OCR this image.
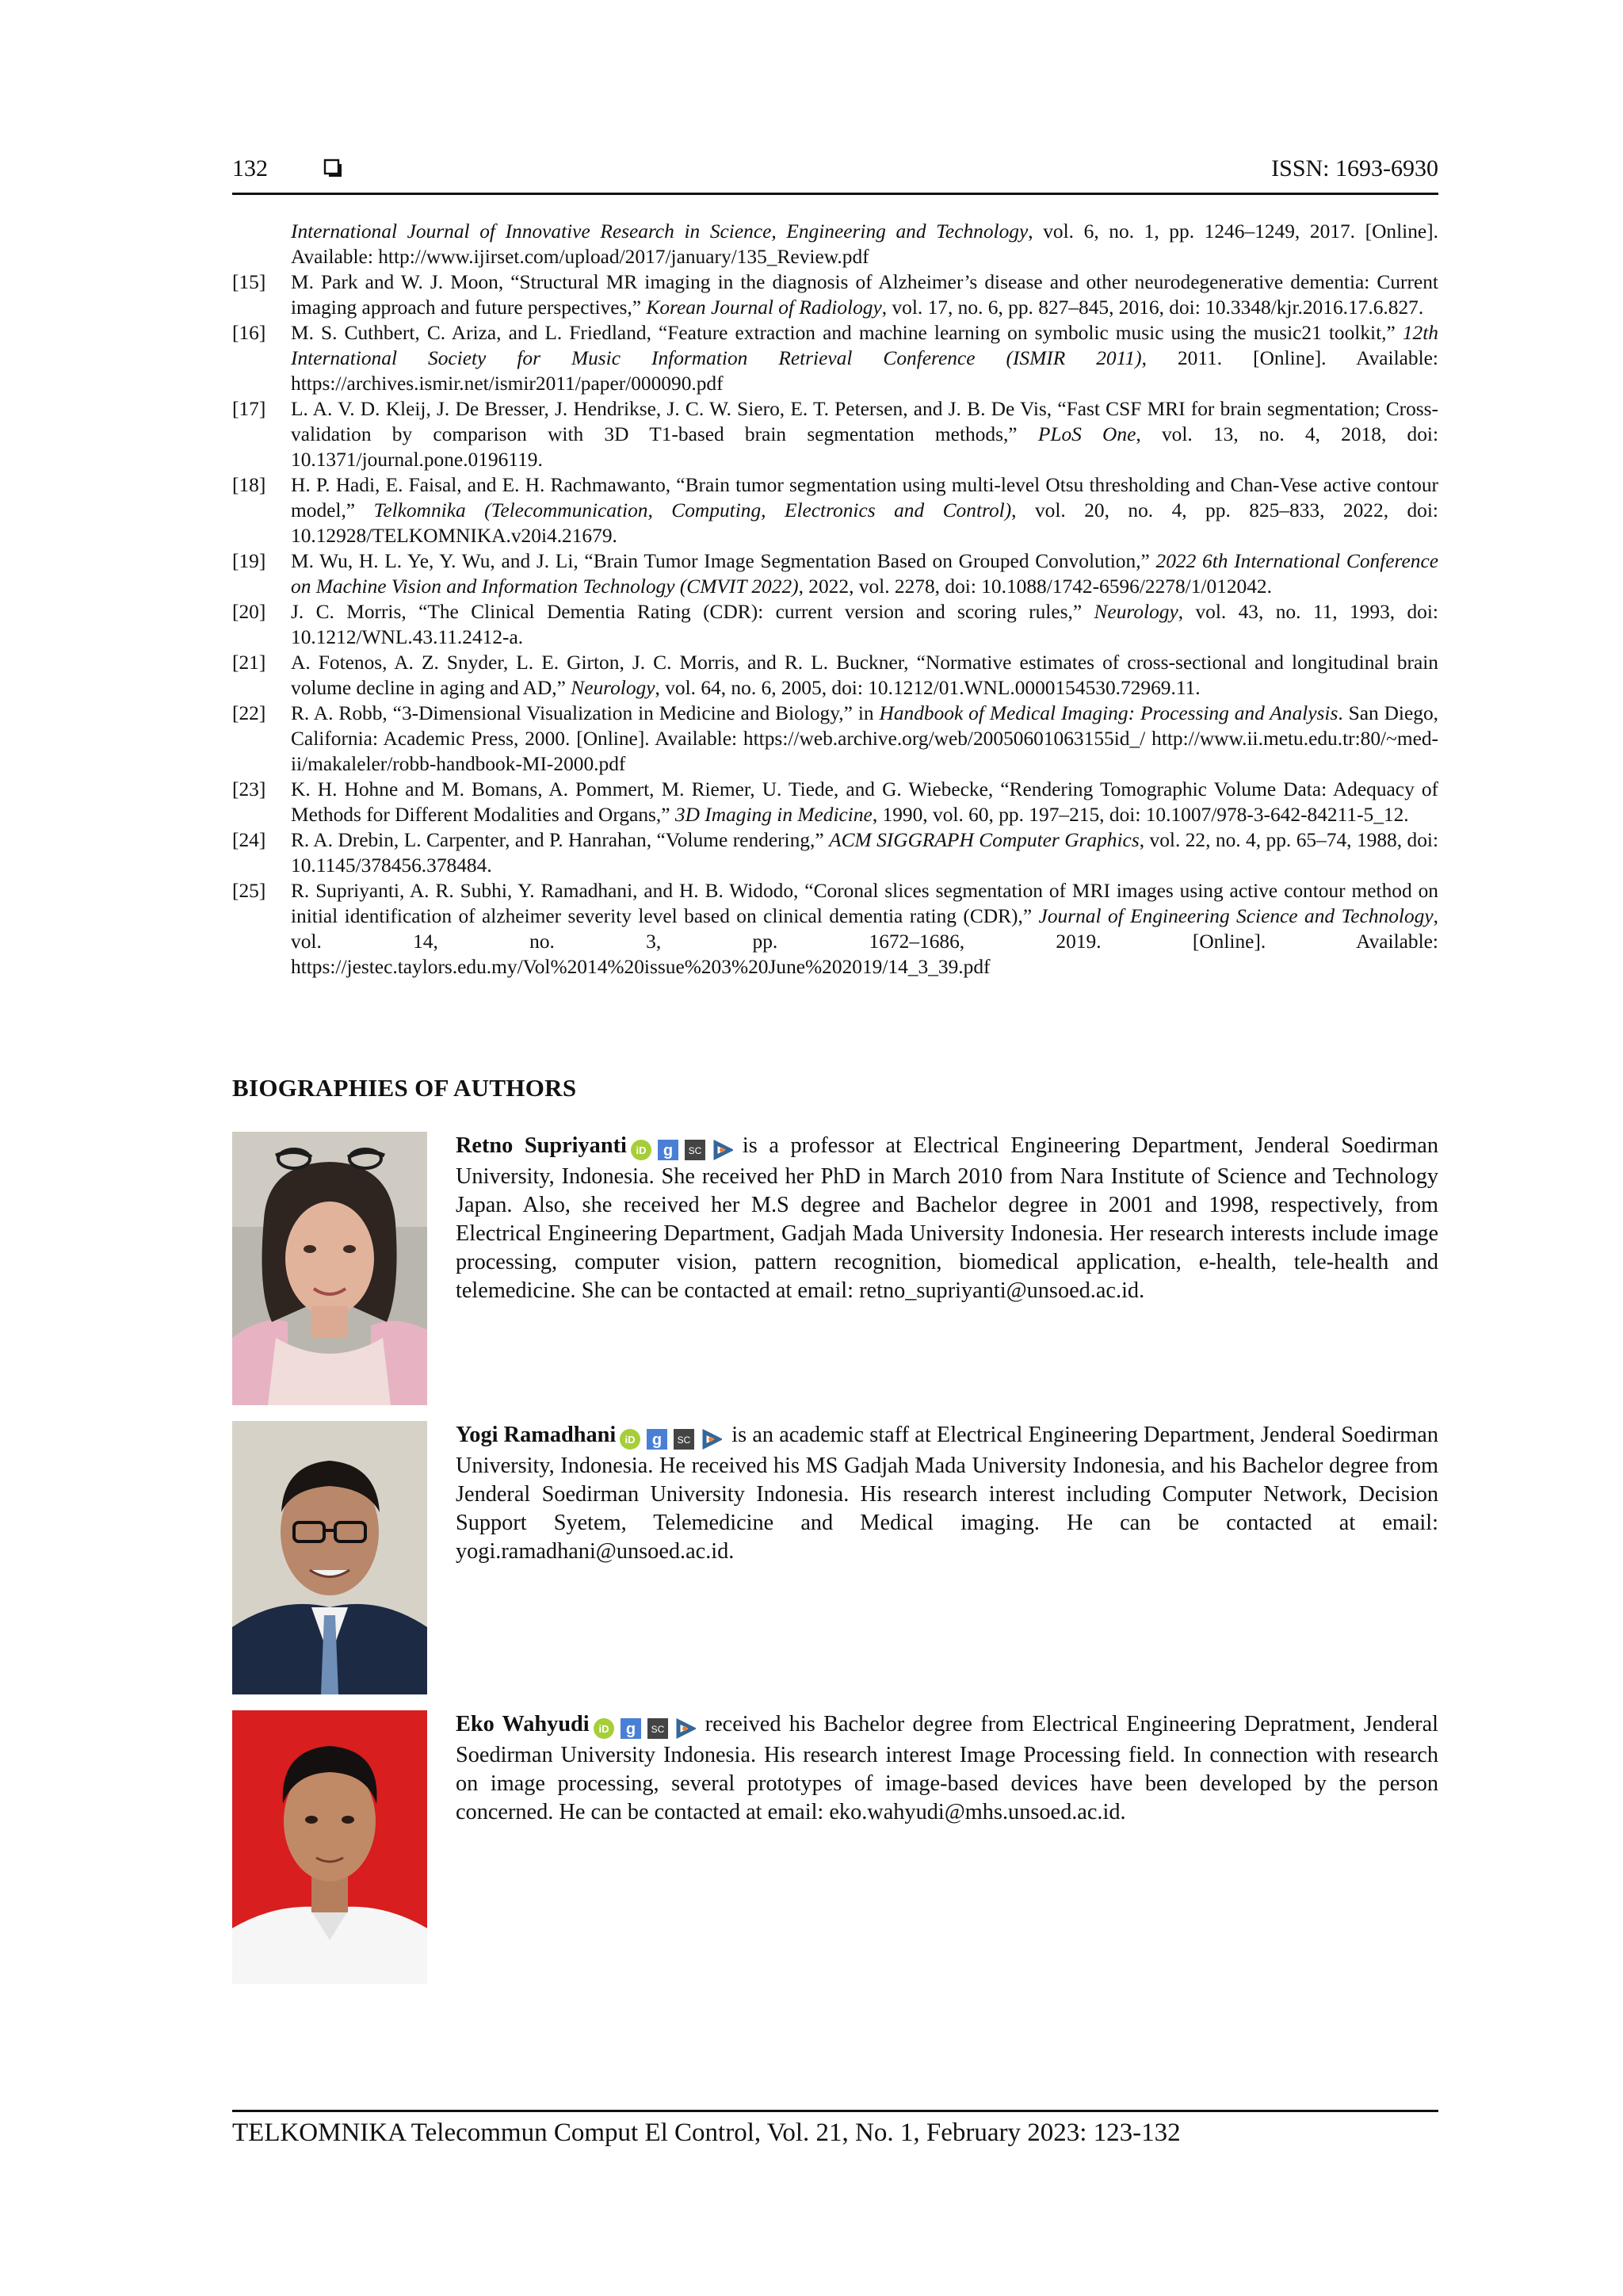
132	ISSN: 1693-6930
International Journal of Innovative Research in Science, Engineering and Technology, vol. 6, no. 1, pp. 1246–1249, 2017. [Online]. Available: http://www.ijirset.com/upload/2017/january/135_Review.pdf
[15] M. Park and W. J. Moon, “Structural MR imaging in the diagnosis of Alzheimer’s disease and other neurodegenerative dementia: Current imaging approach and future perspectives,” Korean Journal of Radiology, vol. 17, no. 6, pp. 827–845, 2016, doi: 10.3348/kjr.2016.17.6.827.
[16] M. S. Cuthbert, C. Ariza, and L. Friedland, “Feature extraction and machine learning on symbolic music using the music21 toolkit,” 12th International Society for Music Information Retrieval Conference (ISMIR 2011), 2011. [Online]. Available: https://archives.ismir.net/ismir2011/paper/000090.pdf
[17] L. A. V. D. Kleij, J. De Bresser, J. Hendrikse, J. C. W. Siero, E. T. Petersen, and J. B. De Vis, “Fast CSF MRI for brain segmentation; Cross-validation by comparison with 3D T1-based brain segmentation methods,” PLoS One, vol. 13, no. 4, 2018, doi: 10.1371/journal.pone.0196119.
[18] H. P. Hadi, E. Faisal, and E. H. Rachmawanto, “Brain tumor segmentation using multi-level Otsu thresholding and Chan-Vese active contour model,” Telkomnika (Telecommunication, Computing, Electronics and Control), vol. 20, no. 4, pp. 825–833, 2022, doi: 10.12928/TELKOMNIKA.v20i4.21679.
[19] M. Wu, H. L. Ye, Y. Wu, and J. Li, “Brain Tumor Image Segmentation Based on Grouped Convolution,” 2022 6th International Conference on Machine Vision and Information Technology (CMVIT 2022), 2022, vol. 2278, doi: 10.1088/1742-6596/2278/1/012042.
[20] J. C. Morris, “The Clinical Dementia Rating (CDR): current version and scoring rules,” Neurology, vol. 43, no. 11, 1993, doi: 10.1212/WNL.43.11.2412-a.
[21] A. Fotenos, A. Z. Snyder, L. E. Girton, J. C. Morris, and R. L. Buckner, “Normative estimates of cross-sectional and longitudinal brain volume decline in aging and AD,” Neurology, vol. 64, no. 6, 2005, doi: 10.1212/01.WNL.0000154530.72969.11.
[22] R. A. Robb, “3-Dimensional Visualization in Medicine and Biology,” in Handbook of Medical Imaging: Processing and Analysis. San Diego, California: Academic Press, 2000. [Online]. Available: https://web.archive.org/web/20050601063155id_/ http://www.ii.metu.edu.tr:80/~med-ii/makaleler/robb-handbook-MI-2000.pdf
[23] K. H. Hohne and M. Bomans, A. Pommert, M. Riemer, U. Tiede, and G. Wiebecke, “Rendering Tomographic Volume Data: Adequacy of Methods for Different Modalities and Organs,” 3D Imaging in Medicine, 1990, vol. 60, pp. 197–215, doi: 10.1007/978-3-642-84211-5_12.
[24] R. A. Drebin, L. Carpenter, and P. Hanrahan, “Volume rendering,” ACM SIGGRAPH Computer Graphics, vol. 22, no. 4, pp. 65–74, 1988, doi: 10.1145/378456.378484.
[25] R. Supriyanti, A. R. Subhi, Y. Ramadhani, and H. B. Widodo, “Coronal slices segmentation of MRI images using active contour method on initial identification of alzheimer severity level based on clinical dementia rating (CDR),” Journal of Engineering Science and Technology, vol. 14, no. 3, pp. 1672–1686, 2019. [Online]. Available: https://jestec.taylors.edu.my/Vol%2014%20issue%203%20June%202019/14_3_39.pdf
BIOGRAPHIES OF AUTHORS
Retno Supriyanti iD g SC is a professor at Electrical Engineering Department, Jenderal Soedirman University, Indonesia. She received her PhD in March 2010 from Nara Institute of Science and Technology Japan. Also, she received her M.S degree and Bachelor degree in 2001 and 1998, respectively, from Electrical Engineering Department, Gadjah Mada University Indonesia. Her research interests include image processing, computer vision, pattern recognition, biomedical application, e-health, tele-health and telemedicine. She can be contacted at email: retno_supriyanti@unsoed.ac.id.
Yogi Ramadhani iD g SC is an academic staff at Electrical Engineering Department, Jenderal Soedirman University, Indonesia. He received his MS Gadjah Mada University Indonesia, and his Bachelor degree from Jenderal Soedirman University Indonesia. His research interest including Computer Network, Decision Support Syetem, Telemedicine and Medical imaging. He can be contacted at email: yogi.ramadhani@unsoed.ac.id.
Eko Wahyudi iD g SC received his Bachelor degree from Electrical Engineering Depratment, Jenderal Soedirman University Indonesia. His research interest Image Processing field. In connection with research on image processing, several prototypes of image-based devices have been developed by the person concerned. He can be contacted at email: eko.wahyudi@mhs.unsoed.ac.id.
TELKOMNIKA Telecommun Comput El Control, Vol. 21, No. 1, February 2023: 123-132
